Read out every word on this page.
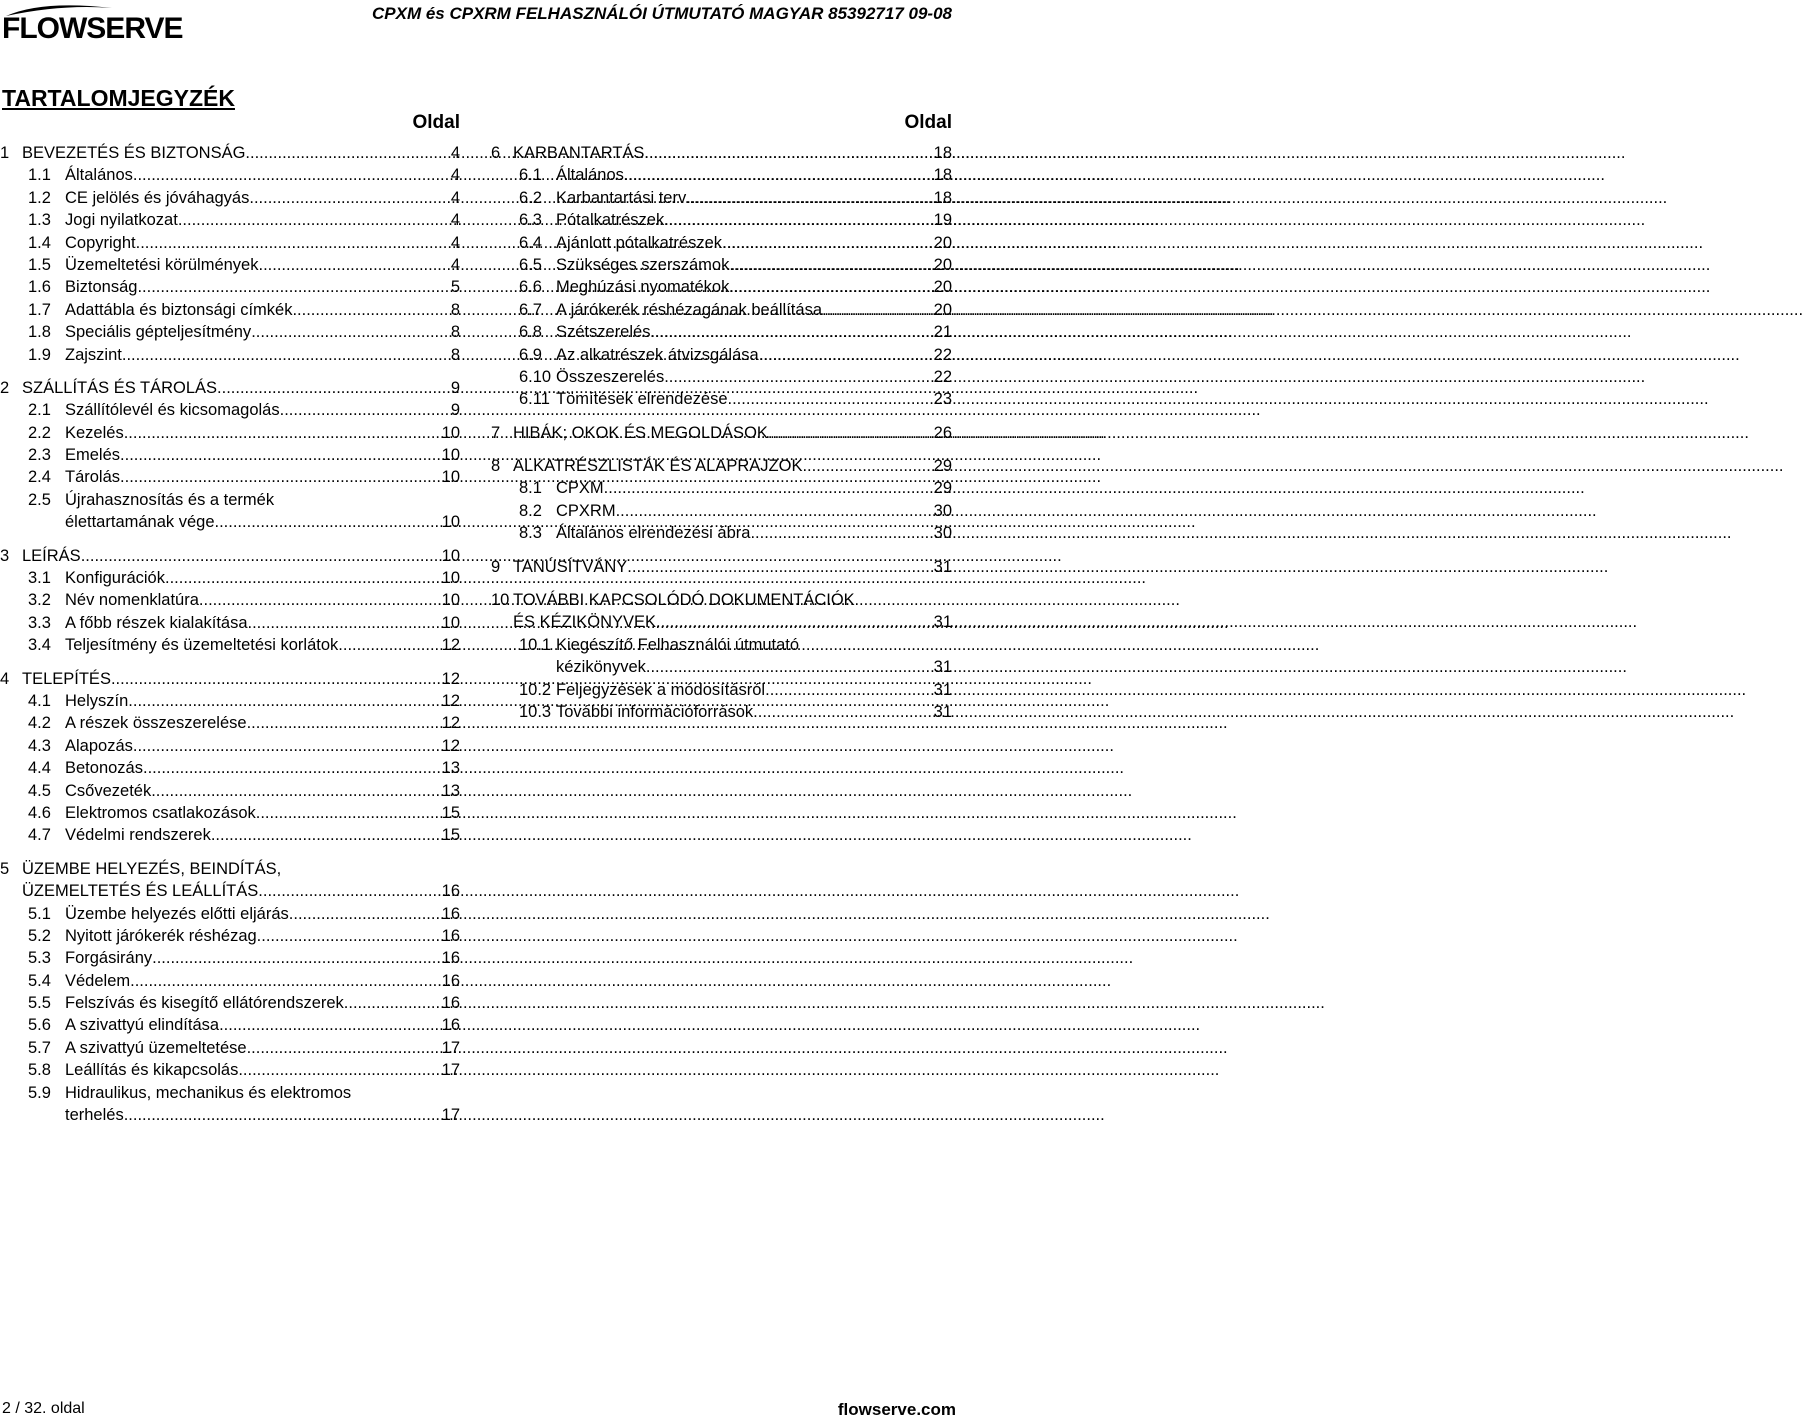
FLOWSERVE	CPXM és CPXRM FELHASZNÁLÓI ÚTMUTATÓ MAGYAR 85392717 09-08
TARTALOMJEGYZÉK
Oldal
1 BEVEZETÉS ÉS BIZTONSÁG .....	4
1.1 Általános .....	4
1.2 CE jelölés és jóváhagyás .....	4
1.3 Jogi nyilatkozat .....	4
1.4 Copyright .....	4
1.5 Üzemeltetési körülmények .....	4
1.6 Biztonság .....	5
1.7 Adattábla és biztonsági címkék .....	8
1.8 Speciális gépteljesítmény .....	8
1.9 Zajszint .....	8
2 SZÁLLÍTÁS ÉS TÁROLÁS .....	9
2.1 Szállítólevél és kicsomagolás .....	9
2.2 Kezelés .....	10
2.3 Emelés .....	10
2.4 Tárolás .....	10
2.5 Újrahasznosítás és a termék
élettartamának vége .....	10
3 LEÍRÁS .....	10
3.1 Konfigurációk .....	10
3.2 Név nomenklatúra .....	10
3.3 A főbb részek kialakítása .....	10
3.4 Teljesítmény és üzemeltetési korlátok .....	12
4 TELEPÍTÉS .....	12
4.1 Helyszín .....	12
4.2 A részek összeszerelése .....	12
4.3 Alapozás .....	12
4.4 Betonozás .....	13
4.5 Csővezeték .....	13
4.6 Elektromos csatlakozások .....	15
4.7 Védelmi rendszerek .....	15
5 ÜZEMBE HELYEZÉS, BEINDÍTÁS,
ÜZEMELTETÉS ÉS LEÁLLÍTÁS .....	16
5.1 Üzembe helyezés előtti eljárás .....	16
5.2 Nyitott járókerék réshézag .....	16
5.3 Forgásirány .....	16
5.4 Védelem .....	16
5.5 Felszívás és kisegítő ellátórendszerek .....	16
5.6 A szivattyú elindítása .....	16
5.7 A szivattyú üzemeltetése .....	17
5.8 Leállítás és kikapcsolás .....	17
5.9 Hidraulikus, mechanikus és elektromos
terhelés .....	17
Oldal
6 KARBANTARTÁS .....	18
6.1 Általános .....	18
6.2 Karbantartási terv .....	18
6.3 Pótalkatrészek .....	19
6.4 Ajánlott pótalkatrészek .....	20
6.5 Szükséges szerszámok .....	20
6.6 Meghúzási nyomatékok .....	20
6.7 A járókerék réshézagának beállítása .....	20
6.8 Szétszerelés .....	21
6.9 Az alkatrészek átvizsgálása .....	22
6.10 Összeszerelés .....	22
6.11 Tömítések elrendezése .....	23
7 HIBÁK; OKOK ÉS MEGOLDÁSOK .....	26
8 ALKATRÉSZLISTÁK ÉS ALAPRAJZOK .....	29
8.1 CPXM .....	29
8.2 CPXRM .....	30
8.3 Általános elrendezési ábra .....	30
9 TANÚSÍTVÁNY .....	31
10 TOVÁBBI KAPCSOLÓDÓ DOKUMENTÁCIÓK
ÉS KÉZIKÖNYVEK .....	31
10.1 Kiegészítő Felhasználói útmutató
kézikönyvek .....	31
10.2 Feljegyzések a módosításról .....	31
10.3 További információforrások .....	31
2 / 32. oldal	flowserve.com
